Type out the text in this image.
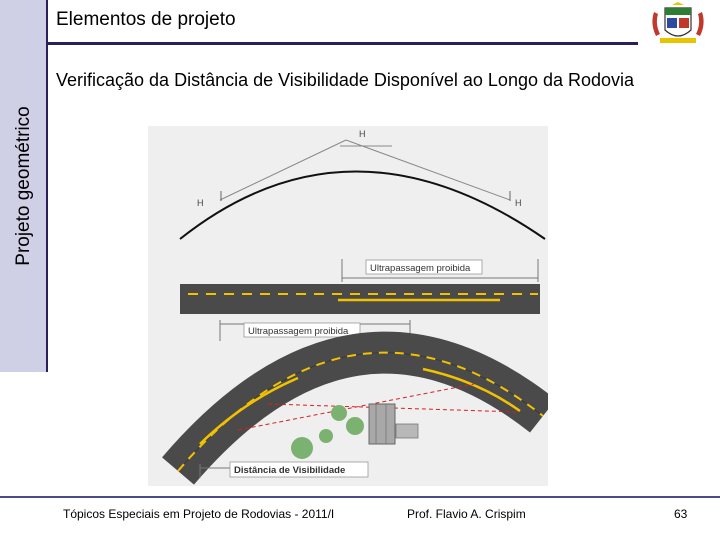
Projeto geométrico
Elementos de projeto
Verificação da Distância de Visibilidade Disponível ao Longo da Rodovia
H
H	H
Ultrapassagem proibida
Ultrapassagem proibida
Distância de Visibilidade
Tópicos Especiais em Projeto de Rodovias - 2011/I	Prof. Flavio A. Crispim	63
